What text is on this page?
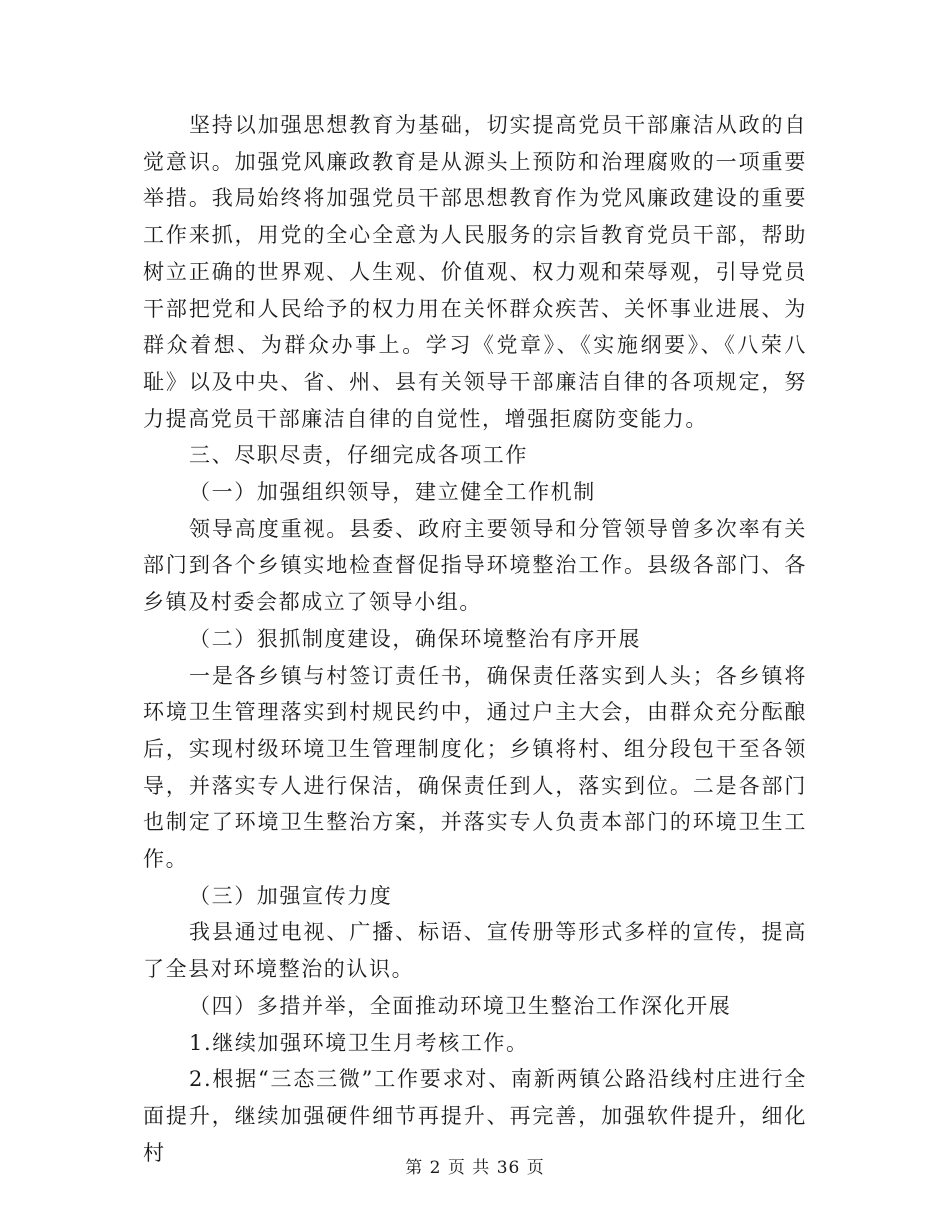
坚持以加强思想教育为基础，切实提高党员干部廉洁从政的自觉意识。加强党风廉政教育是从源头上预防和治理腐败的一项重要举措。我局始终将加强党员干部思想教育作为党风廉政建设的重要工作来抓，用党的全心全意为人民服务的宗旨教育党员干部，帮助树立正确的世界观、人生观、价值观、权力观和荣辱观，引导党员干部把党和人民给予的权力用在关怀群众疾苦、关怀事业进展、为群众着想、为群众办事上。学习《党章》、《实施纲要》、《八荣八耻》以及中央、省、州、县有关领导干部廉洁自律的各项规定，努力提高党员干部廉洁自律的自觉性，增强拒腐防变能力。

三、尽职尽责，仔细完成各项工作

（一）加强组织领导，建立健全工作机制

领导高度重视。县委、政府主要领导和分管领导曾多次率有关部门到各个乡镇实地检查督促指导环境整治工作。县级各部门、各乡镇及村委会都成立了领导小组。

（二）狠抓制度建设，确保环境整治有序开展

一是各乡镇与村签订责任书，确保责任落实到人头；各乡镇将环境卫生管理落实到村规民约中，通过户主大会，由群众充分酝酿后，实现村级环境卫生管理制度化；乡镇将村、组分段包干至各领导，并落实专人进行保洁，确保责任到人，落实到位。二是各部门也制定了环境卫生整治方案，并落实专人负责本部门的环境卫生工作。

（三）加强宣传力度

我县通过电视、广播、标语、宣传册等形式多样的宣传，提高了全县对环境整治的认识。

（四）多措并举，全面推动环境卫生整治工作深化开展

1.继续加强环境卫生月考核工作。

2.根据“三态三微”工作要求对、南新两镇公路沿线村庄进行全面提升，继续加强硬件细节再提升、再完善，加强软件提升，细化村

第 2 页 共 36 页
